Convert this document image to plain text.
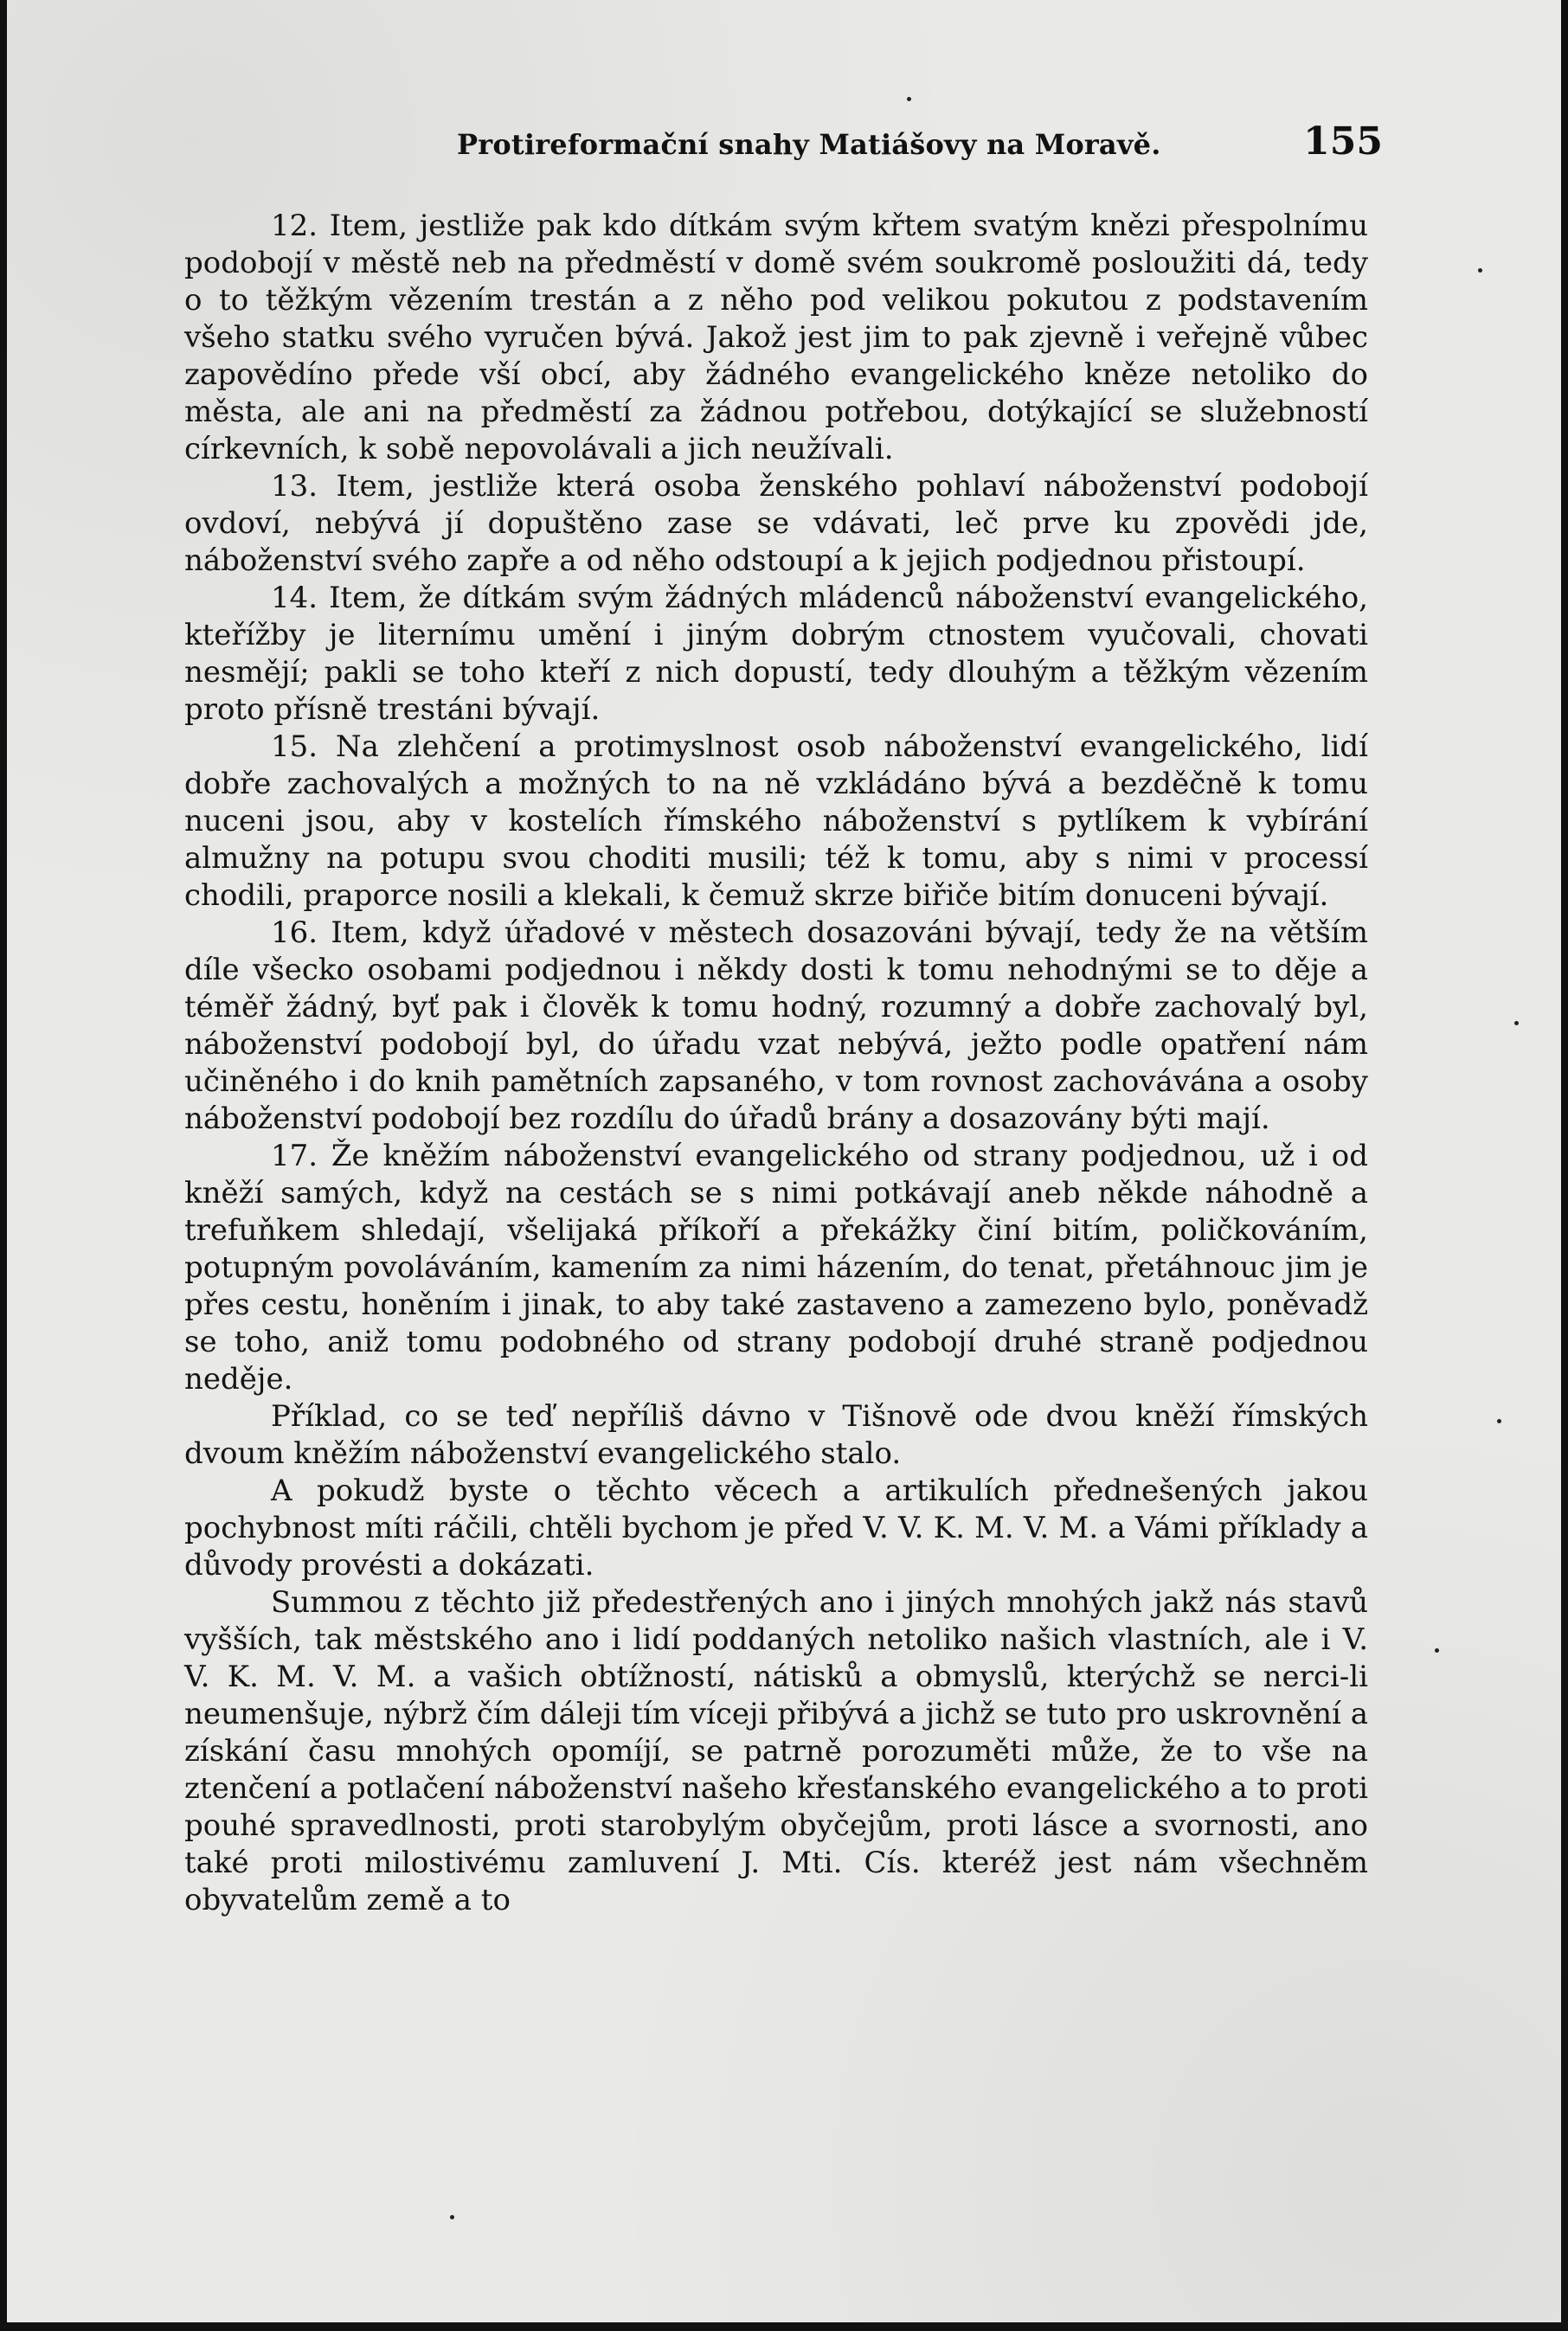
Protireformační snahy Matiášovy na Moravě.	155

12. Item, jestliže pak kdo dítkám svým křtem svatým knězi přespolnímu podobojí v městě neb na předměstí v domě svém soukromě posloužiti dá, tedy o to těžkým vězením trestán a z něho pod velikou pokutou z podstavením všeho statku svého vyručen bývá. Jakož jest jim to pak zjevně i veřejně vůbec zapovědíno přede vší obcí, aby žádného evangelického kněze netoliko do města, ale ani na předměstí za žádnou potřebou, dotýkající se služebností církevních, k sobě nepovolávali a jich neužívali.

13. Item, jestliže která osoba ženského pohlaví náboženství podobojí ovdoví, nebývá jí dopuštěno zase se vdávati, leč prve ku zpovědi jde, náboženství svého zapře a od něho odstoupí a k jejich podjednou přistoupí.

14. Item, že dítkám svým žádných mládenců náboženství evangelického, kteřížby je liternímu umění i jiným dobrým ctnostem vyučovali, chovati nesmějí; pakli se toho kteří z nich dopustí, tedy dlouhým a těžkým vězením proto přísně trestáni bývají.

15. Na zlehčení a protimyslnost osob náboženství evangelického, lidí dobře zachovalých a možných to na ně vzkládáno bývá a bezděčně k tomu nuceni jsou, aby v kostelích římského náboženství s pytlíkem k vybírání almužny na potupu svou choditi musili; též k tomu, aby s nimi v processí chodili, praporce nosili a klekali, k čemuž skrze biřiče bitím donuceni bývají.

16. Item, když úřadové v městech dosazováni bývají, tedy že na větším díle všecko osobami podjednou i někdy dosti k tomu nehodnými se to děje a téměř žádný, byť pak i člověk k tomu hodný, rozumný a dobře zachovalý byl, náboženství podobojí byl, do úřadu vzat nebývá, ježto podle opatření nám učiněného i do knih pamětních zapsaného, v tom rovnost zachovávána a osoby náboženství podobojí bez rozdílu do úřadů brány a dosazovány býti mají.

17. Že kněžím náboženství evangelického od strany podjednou, už i od kněží samých, když na cestách se s nimi potkávají aneb někde náhodně a trefuňkem shledají, všelijaká příkoří a překážky činí bitím, poličkováním, potupným povoláváním, kamením za nimi házením, do tenat, přetáhnouc jim je přes cestu, honěním i jinak, to aby také zastaveno a zamezeno bylo, poněvadž se toho, aniž tomu podobného od strany podobojí druhé straně podjednou neděje.

Příklad, co se teď nepříliš dávno v Tišnově ode dvou kněží římských dvoum kněžím náboženství evangelického stalo.

A pokudž byste o těchto věcech a artikulích přednešených jakou pochybnost míti ráčili, chtěli bychom je před V. V. K. M. V. M. a Vámi příklady a důvody provésti a dokázati.

Summou z těchto již předestřených ano i jiných mnohých jakž nás stavů vyšších, tak městského ano i lidí poddaných netoliko našich vlastních, ale i V. V. K. M. V. M. a vašich obtížností, nátisků a obmyslů, kterýchž se nerci-li neumenšuje, nýbrž čím dáleji tím víceji přibývá a jichž se tuto pro uskrovnění a získání času mnohých opomíjí, se patrně porozuměti může, že to vše na ztenčení a potlačení náboženství našeho křesťanského evangelického a to proti pouhé spravedlnosti, proti starobylým obyčejům, proti lásce a svornosti, ano také proti milostivému zamluvení J. Mti. Cís. kteréž jest nám všechněm obyvatelům země a to
